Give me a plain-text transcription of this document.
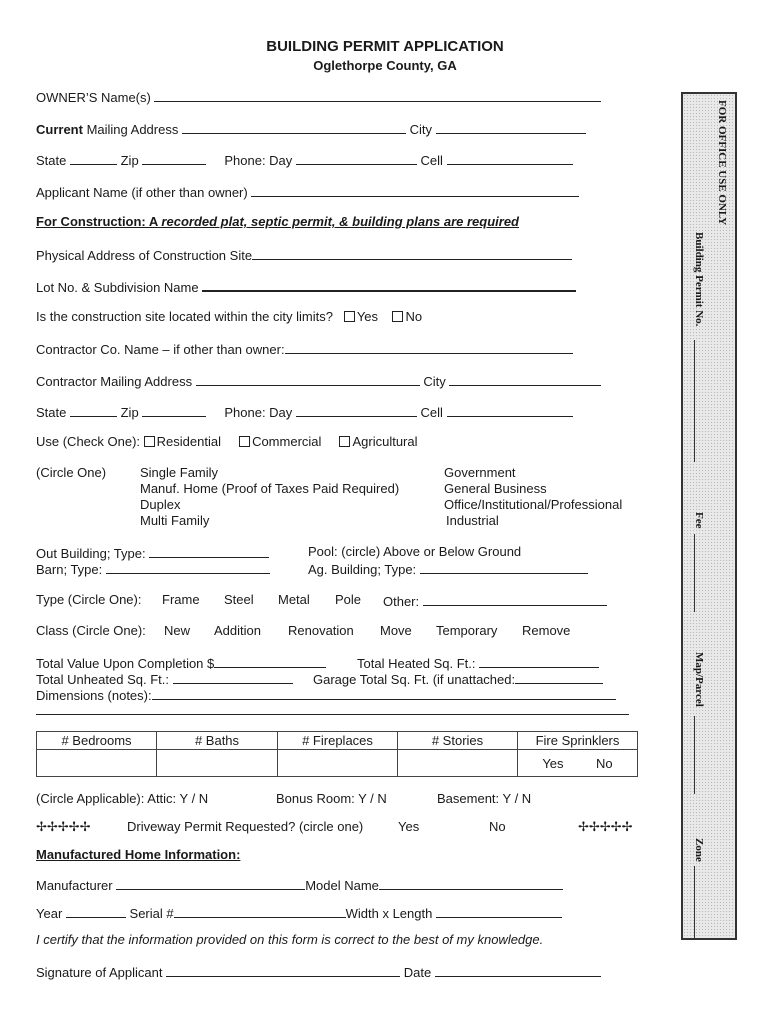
BUILDING PERMIT APPLICATION
Oglethorpe County, GA
OWNER’S Name(s)
Current Mailing Address	City
State	Zip	Phone: Day	Cell
Applicant Name (if other than owner)
For Construction: A recorded plat, septic permit, & building plans are required
Physical Address of Construction Site
Lot No. & Subdivision Name
Is the construction site located within the city limits? Yes No
Contractor Co. Name – if other than owner:
Contractor Mailing Address	City
State	Zip	Phone: Day	Cell
Use (Check One): Residential Commercial Agricultural
(Circle One)	Single Family
Manuf. Home (Proof of Taxes Paid Required)
Duplex
Multi Family
Government
General Business
Office/Institutional/Professional
Industrial
Out Building; Type:
Barn; Type:
Pool: (circle) Above or Below Ground
Ag. Building; Type:
Type (Circle One): Frame Steel Metal Pole Other:
Class (Circle One): New Addition Renovation Move Temporary Remove
Total Value Upon Completion $	Total Heated Sq. Ft.:
Total Unheated Sq. Ft.:	Garage Total Sq. Ft. (if unattached:
Dimensions (notes):
# Bedrooms	# Baths	# Fireplaces	# Stories	Fire Sprinklers
				Yes No
(Circle Applicable): Attic: Y / N	Bonus Room: Y / N	Basement: Y / N
✢✢✢✢✢	Driveway Permit Requested? (circle one)	Yes	No	✢✢✢✢✢
Manufactured Home Information:
Manufacturer	Model Name
Year	Serial #	Width x Length
I certify that the information provided on this form is correct to the best of my knowledge.
Signature of Applicant	Date
FOR OFFICE USE ONLY
Building Permit No.
Fee
Map/Parcel
Zone
